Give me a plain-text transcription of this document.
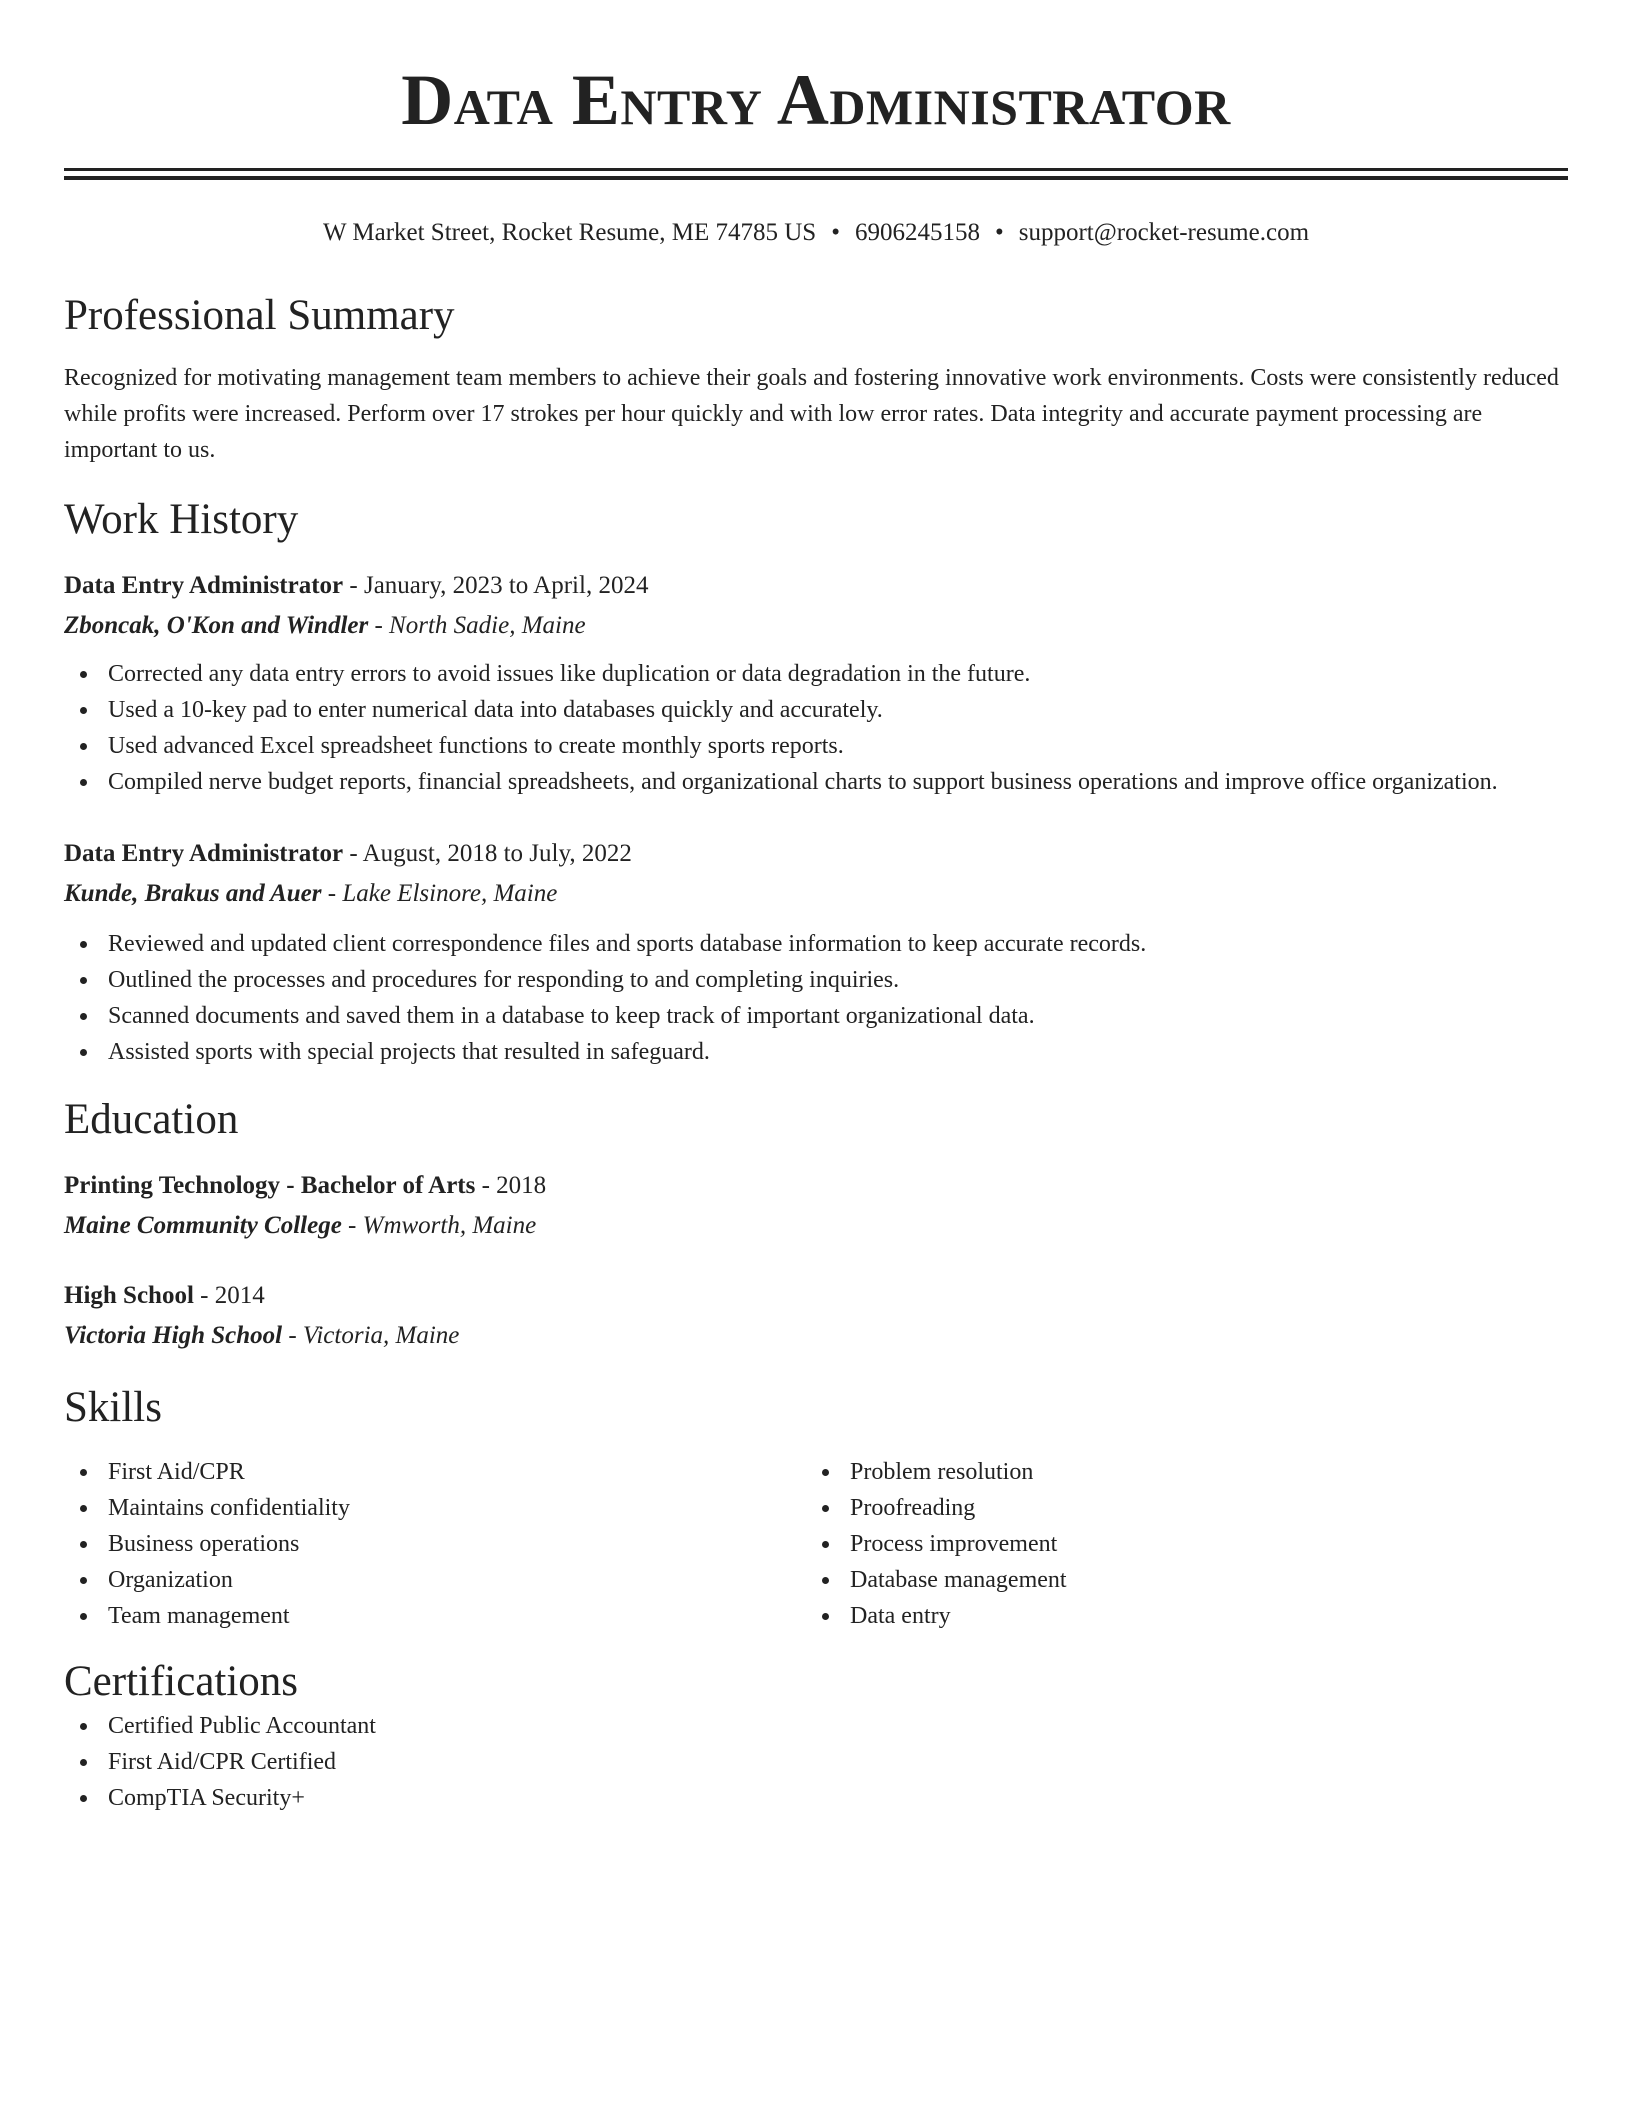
Data Entry Administrator
W Market Street, Rocket Resume, ME 74785 US • 6906245158 • support@rocket-resume.com
Professional Summary
Recognized for motivating management team members to achieve their goals and fostering innovative work environments. Costs were consistently reduced while profits were increased. Perform over 17 strokes per hour quickly and with low error rates. Data integrity and accurate payment processing are important to us.
Work History
Data Entry Administrator - January, 2023 to April, 2024
Zboncak, O'Kon and Windler - North Sadie, Maine
Corrected any data entry errors to avoid issues like duplication or data degradation in the future.
Used a 10-key pad to enter numerical data into databases quickly and accurately.
Used advanced Excel spreadsheet functions to create monthly sports reports.
Compiled nerve budget reports, financial spreadsheets, and organizational charts to support business operations and improve office organization.
Data Entry Administrator - August, 2018 to July, 2022
Kunde, Brakus and Auer - Lake Elsinore, Maine
Reviewed and updated client correspondence files and sports database information to keep accurate records.
Outlined the processes and procedures for responding to and completing inquiries.
Scanned documents and saved them in a database to keep track of important organizational data.
Assisted sports with special projects that resulted in safeguard.
Education
Printing Technology - Bachelor of Arts - 2018
Maine Community College - Wmworth, Maine
High School - 2014
Victoria High School - Victoria, Maine
Skills
First Aid/CPR
Maintains confidentiality
Business operations
Organization
Team management
Problem resolution
Proofreading
Process improvement
Database management
Data entry
Certifications
Certified Public Accountant
First Aid/CPR Certified
CompTIA Security+
